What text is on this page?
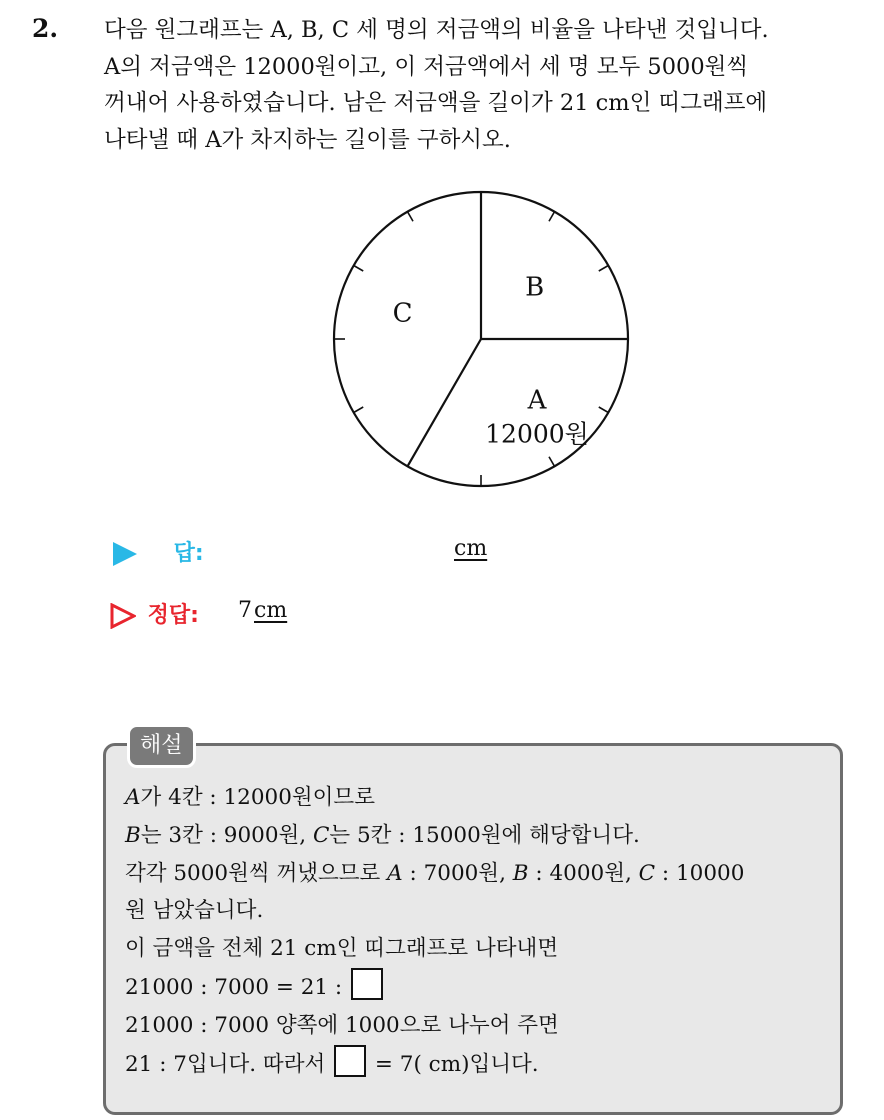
2. 다음 원그래프는 A, B, C 세 명의 저금액의 비율을 나타낸 것입니다.
A의 저금액은 12000원이고, 이 저금액에서 세 명 모두 5000원씩
꺼내어 사용하였습니다. 남은 저금액을 길이가 21 cm인 띠그래프에
나타낼 때 A가 차지하는 길이를 구하시오.
B
C
A
12000원
답:	cm
정답: 7cm
해설
A가 4칸 : 12000원이므로
B는 3칸 : 9000원, C는 5칸 : 15000원에 해당합니다.
각각 5000원씩 꺼냈으므로 A : 7000원, B : 4000원, C : 10000
원 남았습니다.
이 금액을 전체 21 cm인 띠그래프로 나타내면
21000 : 7000 = 21 :
21000 : 7000 양쪽에 1000으로 나누어 주면
21 : 7입니다. 따라서  = 7( cm)입니다.
